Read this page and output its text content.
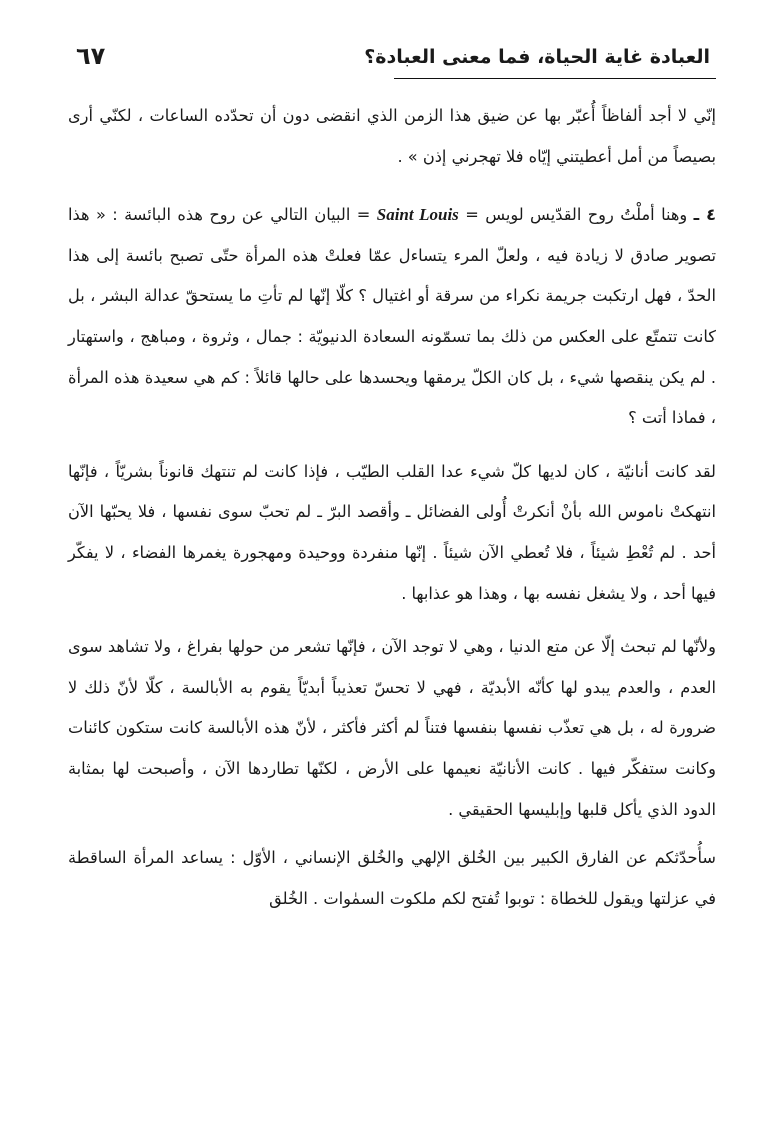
العبادة غاية الحياة، فما معنى العبادة؟
٦٧

إنّي لا أجد ألفاظاً أُعبّر بها عن ضيق هذا الزمن الذي انقضى دون أن تحدّده الساعات ، لكنّي أرى بصيصاً من أمل أعطيتني إيّاه فلا تهجرني إذن » .

٤ ـ وهنا أملْتُ روح القدّيس لويس = Saint Louis = البيان التالي عن روح هذه البائسة : « هذا تصوير صادق لا زيادة فيه ، ولعلّ المرء يتساءل عمّا فعلتْ هذه المرأة حتّى تصبح بائسة إلى هذا الحدّ ، فهل ارتكبت جريمة نكراء من سرقة أو اغتيال ؟ كلّا إنّها لم تأتِ ما يستحقّ عدالة البشر ، بل كانت تتمتّع على العكس من ذلك بما تسمّونه السعادة الدنيويّة : جمال ، وثروة ، ومباهج ، واستهتار . لم يكن ينقصها شيء ، بل كان الكلّ يرمقها ويحسدها على حالها قائلاً : كم هي سعيدة هذه المرأة ، فماذا أتت ؟

لقد كانت أنانيّة ، كان لديها كلّ شيء عدا القلب الطيّب ، فإذا كانت لم تنتهك قانوناً بشريّاً ، فإنّها انتهكتْ ناموس الله بأنْ أنكرتْ أُولى الفضائل ـ وأقصد البرّ ـ لم تحبّ سوى نفسها ، فلا يحبّها الآن أحد . لم تُعْطِ شيئاً ، فلا تُعطي الآن شيئاً . إنّها منفردة ووحيدة ومهجورة يغمرها الفضاء ، لا يفكّر فيها أحد ، ولا يشغل نفسه بها ، وهذا هو عذابها .

ولأنّها لم تبحث إلّا عن متع الدنيا ، وهي لا توجد الآن ، فإنّها تشعر من حولها بفراغ ، ولا تشاهد سوى العدم ، والعدم يبدو لها كأنّه الأبديّة ، فهي لا تحسّ تعذيباً أبديّاً يقوم به الأبالسة ، كلّا لأنّ ذلك لا ضرورة له ، بل هي تعذّب نفسها بنفسها فتناً لم أكثر فأكثر ، لأنّ هذه الأبالسة كانت ستكون كائنات وكانت ستفكّر فيها . كانت الأنانيّة نعيمها على الأرض ، لكنّها تطاردها الآن ، وأصبحت لها بمثابة الدود الذي يأكل قلبها وإبليسها الحقيقي .

سأُحدّثكم عن الفارق الكبير بين الخُلق الإلهي والخُلق الإنساني ، الأوّل : يساعد المرأة الساقطة في عزلتها ويقول للخطاة : توبوا تُفتح لكم ملكوت السمٰوات . الخُلق
